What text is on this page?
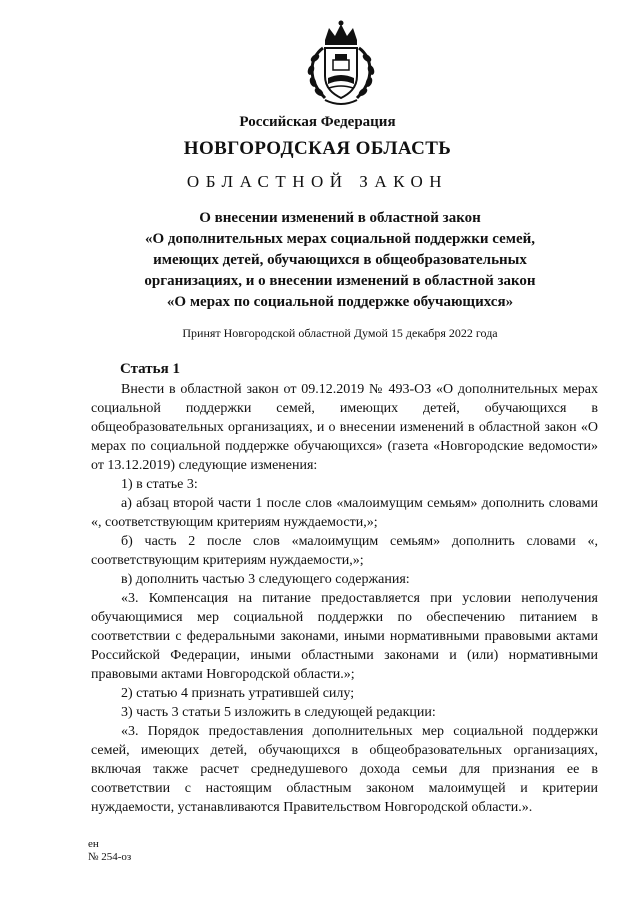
Российская Федерация
НОВГОРОДСКАЯ ОБЛАСТЬ
ОБЛАСТНОЙ ЗАКОН
О внесении изменений в областной закон
«О дополнительных мерах социальной поддержки семей,
имеющих детей, обучающихся в общеобразовательных
организациях, и о внесении изменений в областной закон
«О мерах по социальной поддержке обучающихся»
Принят Новгородской областной Думой 15 декабря 2022 года
Статья 1

Внести в областной закон от 09.12.2019 № 493-ОЗ «О дополнительных мерах социальной поддержки семей, имеющих детей, обучающихся в общеобразовательных организациях, и о внесении изменений в областной закон «О мерах по социальной поддержке обучающихся» (газета «Новгородские ведомости» от 13.12.2019) следующие изменения:

1) в статье 3:

а) абзац второй части 1 после слов «малоимущим семьям» дополнить словами «, соответствующим критериям нуждаемости,»;

б) часть 2 после слов «малоимущим семьям» дополнить словами «, соответствующим критериям нуждаемости,»;

в) дополнить частью 3 следующего содержания:

«3. Компенсация на питание предоставляется при условии неполучения обучающимися мер социальной поддержки по обеспечению питанием в соответствии с федеральными законами, иными нормативными правовыми актами Российской Федерации, иными областными законами и (или) нормативными правовыми актами Новгородской области.»;

2) статью 4 признать утратившей силу;

3) часть 3 статьи 5 изложить в следующей редакции:

«3. Порядок предоставления дополнительных мер социальной поддержки семей, имеющих детей, обучающихся в общеобразовательных организациях, включая также расчет среднедушевого дохода семьи для признания ее в соответствии с настоящим областным законом малоимущей и критерии нуждаемости, устанавливаются Правительством Новгородской области.».

ен
№ 254-оз
